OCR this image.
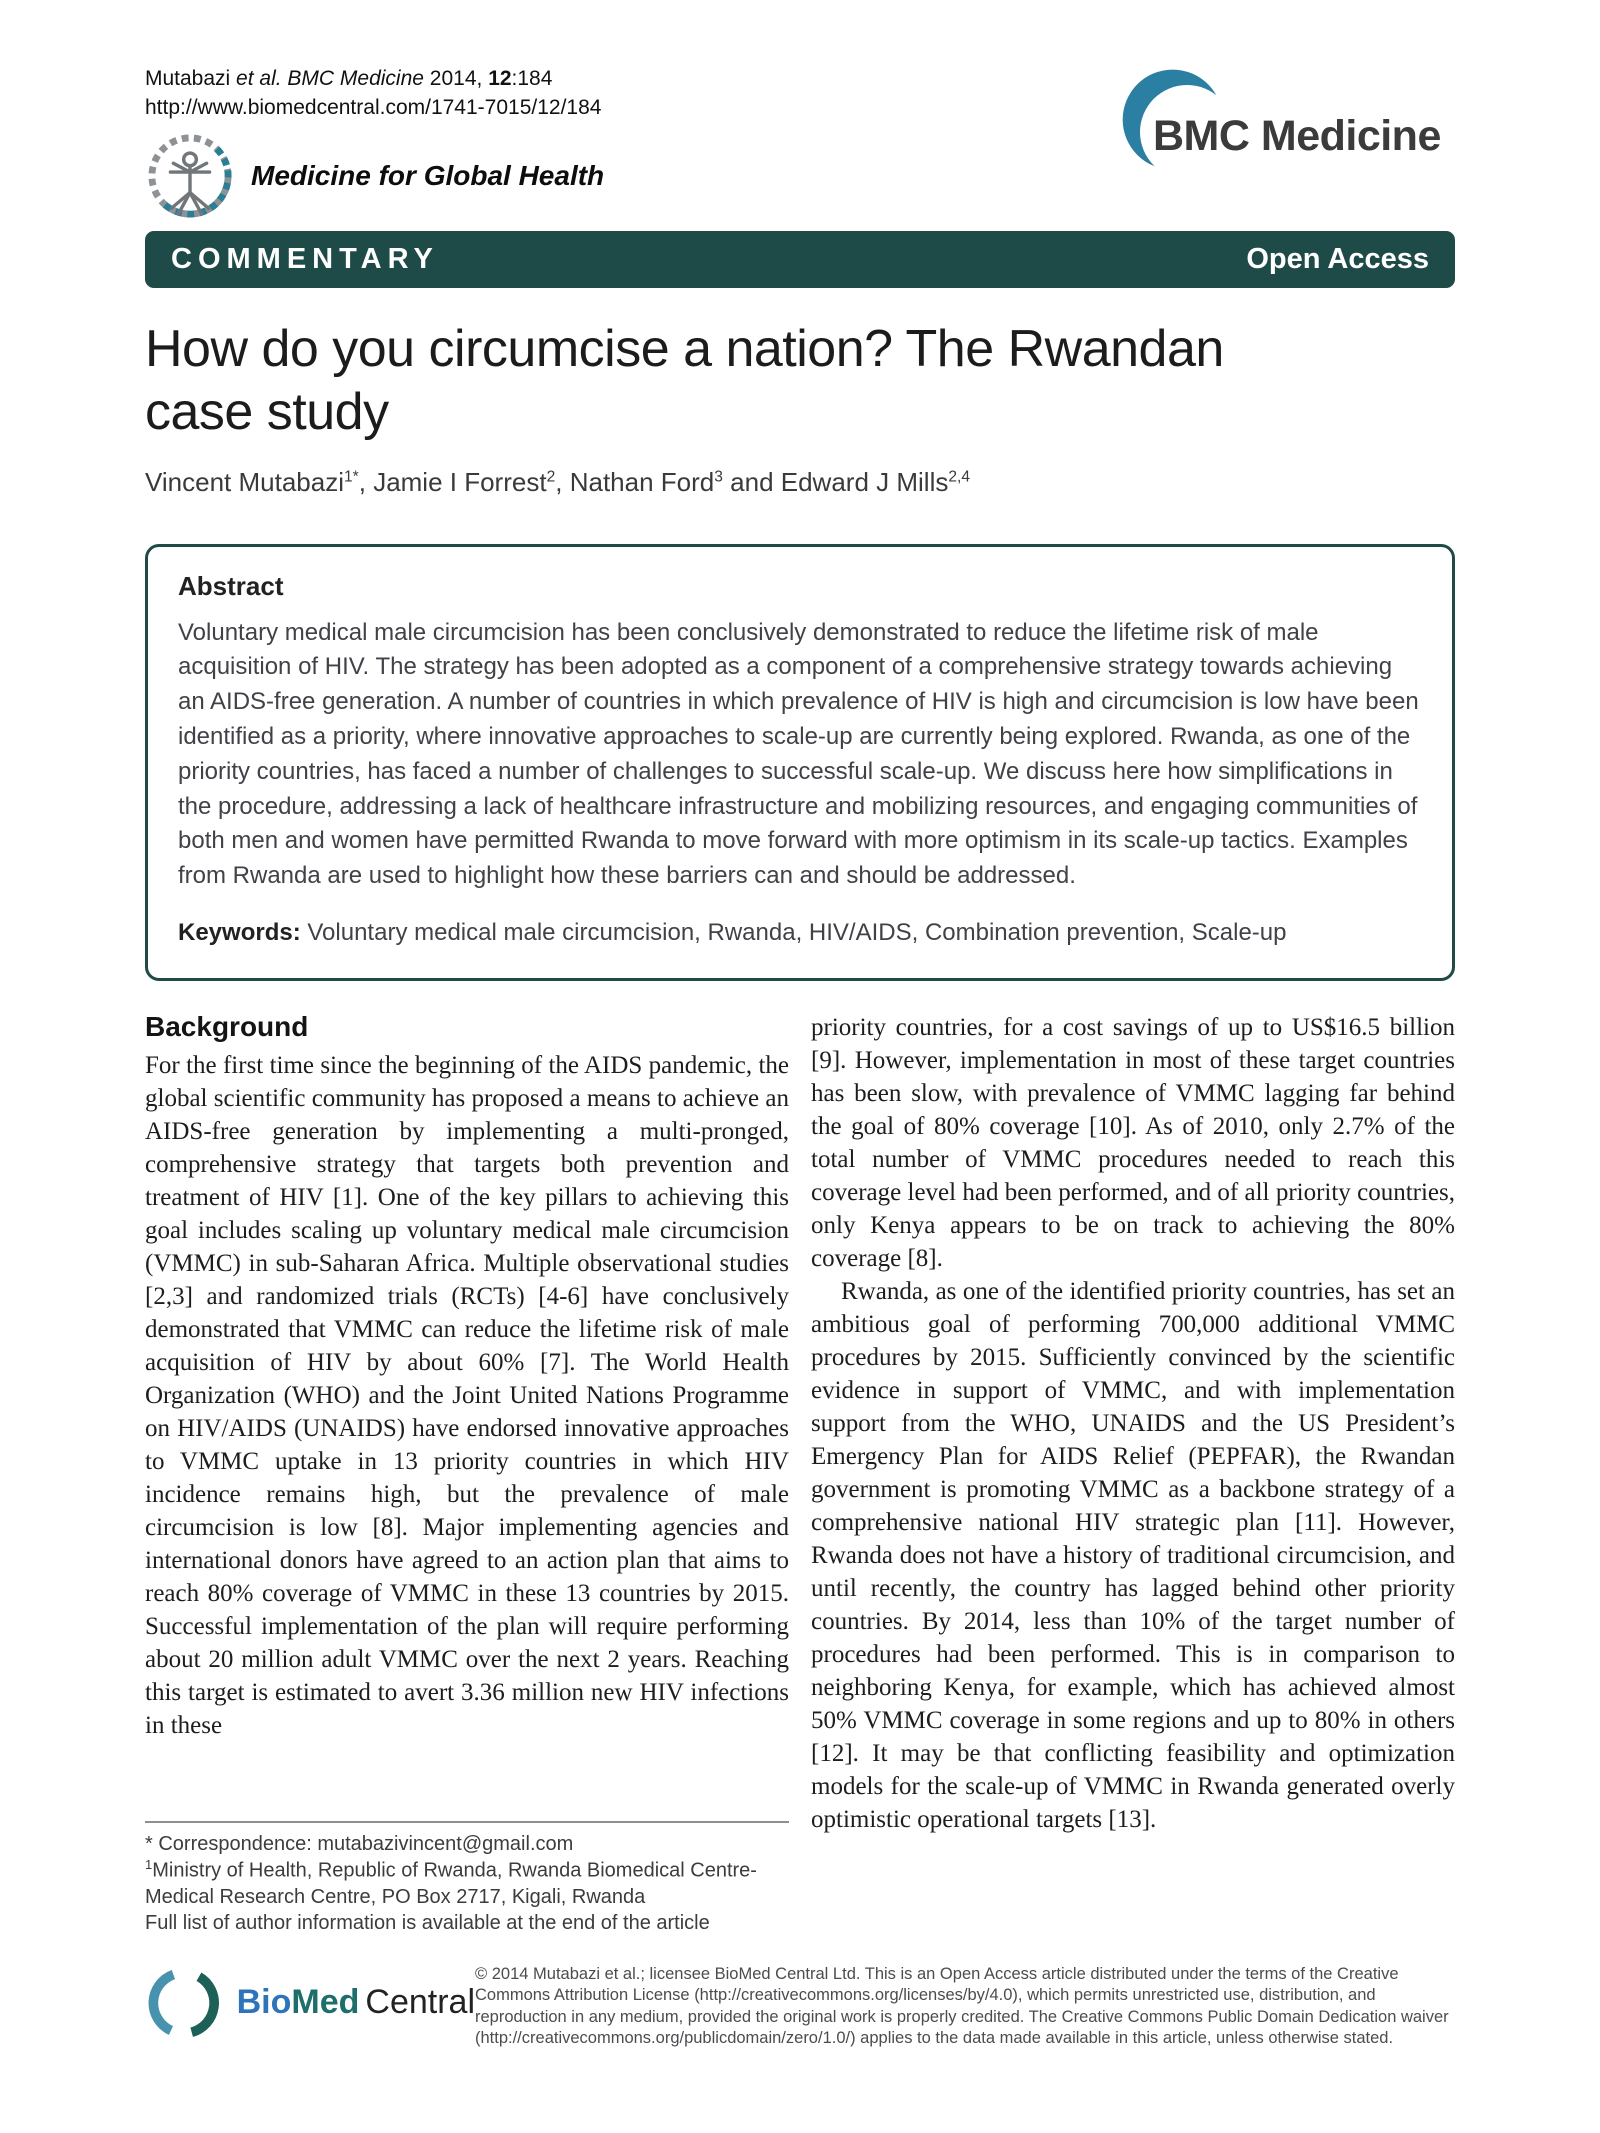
Mutabazi et al. BMC Medicine 2014, 12:184
http://www.biomedcentral.com/1741-7015/12/184
Medicine for Global Health
BMC Medicine
COMMENTARY	Open Access
How do you circumcise a nation? The Rwandan
case study
Vincent Mutabazi$^{1*}$, Jamie I Forrest$^2$, Nathan Ford$^3$ and Edward J Mills$^{2,4}$
Abstract

Voluntary medical male circumcision has been conclusively demonstrated to reduce the lifetime risk of male acquisition of HIV. The strategy has been adopted as a component of a comprehensive strategy towards achieving an AIDS-free generation. A number of countries in which prevalence of HIV is high and circumcision is low have been identified as a priority, where innovative approaches to scale-up are currently being explored. Rwanda, as one of the priority countries, has faced a number of challenges to successful scale-up. We discuss here how simplifications in the procedure, addressing a lack of healthcare infrastructure and mobilizing resources, and engaging communities of both men and women have permitted Rwanda to move forward with more optimism in its scale-up tactics. Examples from Rwanda are used to highlight how these barriers can and should be addressed.

Keywords: Voluntary medical male circumcision, Rwanda, HIV/AIDS, Combination prevention, Scale-up

Background

For the first time since the beginning of the AIDS pandemic, the global scientific community has proposed a means to achieve an AIDS-free generation by implementing a multi-pronged, comprehensive strategy that targets both prevention and treatment of HIV [1]. One of the key pillars to achieving this goal includes scaling up voluntary medical male circumcision (VMMC) in sub-Saharan Africa. Multiple observational studies [2,3] and randomized trials (RCTs) [4-6] have conclusively demonstrated that VMMC can reduce the lifetime risk of male acquisition of HIV by about 60% [7]. The World Health Organization (WHO) and the Joint United Nations Programme on HIV/AIDS (UNAIDS) have endorsed innovative approaches to VMMC uptake in 13 priority countries in which HIV incidence remains high, but the prevalence of male circumcision is low [8]. Major implementing agencies and international donors have agreed to an action plan that aims to reach 80% coverage of VMMC in these 13 countries by 2015. Successful implementation of the plan will require performing about 20 million adult VMMC over the next 2 years. Reaching this target is estimated to avert 3.36 million new HIV infections in these

* Correspondence: mutabazivincent@gmail.com
$^1$Ministry of Health, Republic of Rwanda, Rwanda Biomedical Centre-Medical Research Centre, PO Box 2717, Kigali, Rwanda
Full list of author information is available at the end of the article

priority countries, for a cost savings of up to US$16.5 billion [9]. However, implementation in most of these target countries has been slow, with prevalence of VMMC lagging far behind the goal of 80% coverage [10]. As of 2010, only 2.7% of the total number of VMMC procedures needed to reach this coverage level had been performed, and of all priority countries, only Kenya appears to be on track to achieving the 80% coverage [8].

Rwanda, as one of the identified priority countries, has set an ambitious goal of performing 700,000 additional VMMC procedures by 2015. Sufficiently convinced by the scientific evidence in support of VMMC, and with implementation support from the WHO, UNAIDS and the US President’s Emergency Plan for AIDS Relief (PEPFAR), the Rwandan government is promoting VMMC as a backbone strategy of a comprehensive national HIV strategic plan [11]. However, Rwanda does not have a history of traditional circumcision, and until recently, the country has lagged behind other priority countries. By 2014, less than 10% of the target number of procedures had been performed. This is in comparison to neighboring Kenya, for example, which has achieved almost 50% VMMC coverage in some regions and up to 80% in others [12]. It may be that conflicting feasibility and optimization models for the scale-up of VMMC in Rwanda generated overly optimistic operational targets [13].

BioMed Central

© 2014 Mutabazi et al.; licensee BioMed Central Ltd. This is an Open Access article distributed under the terms of the Creative Commons Attribution License (http://creativecommons.org/licenses/by/4.0), which permits unrestricted use, distribution, and reproduction in any medium, provided the original work is properly credited. The Creative Commons Public Domain Dedication waiver (http://creativecommons.org/publicdomain/zero/1.0/) applies to the data made available in this article, unless otherwise stated.
